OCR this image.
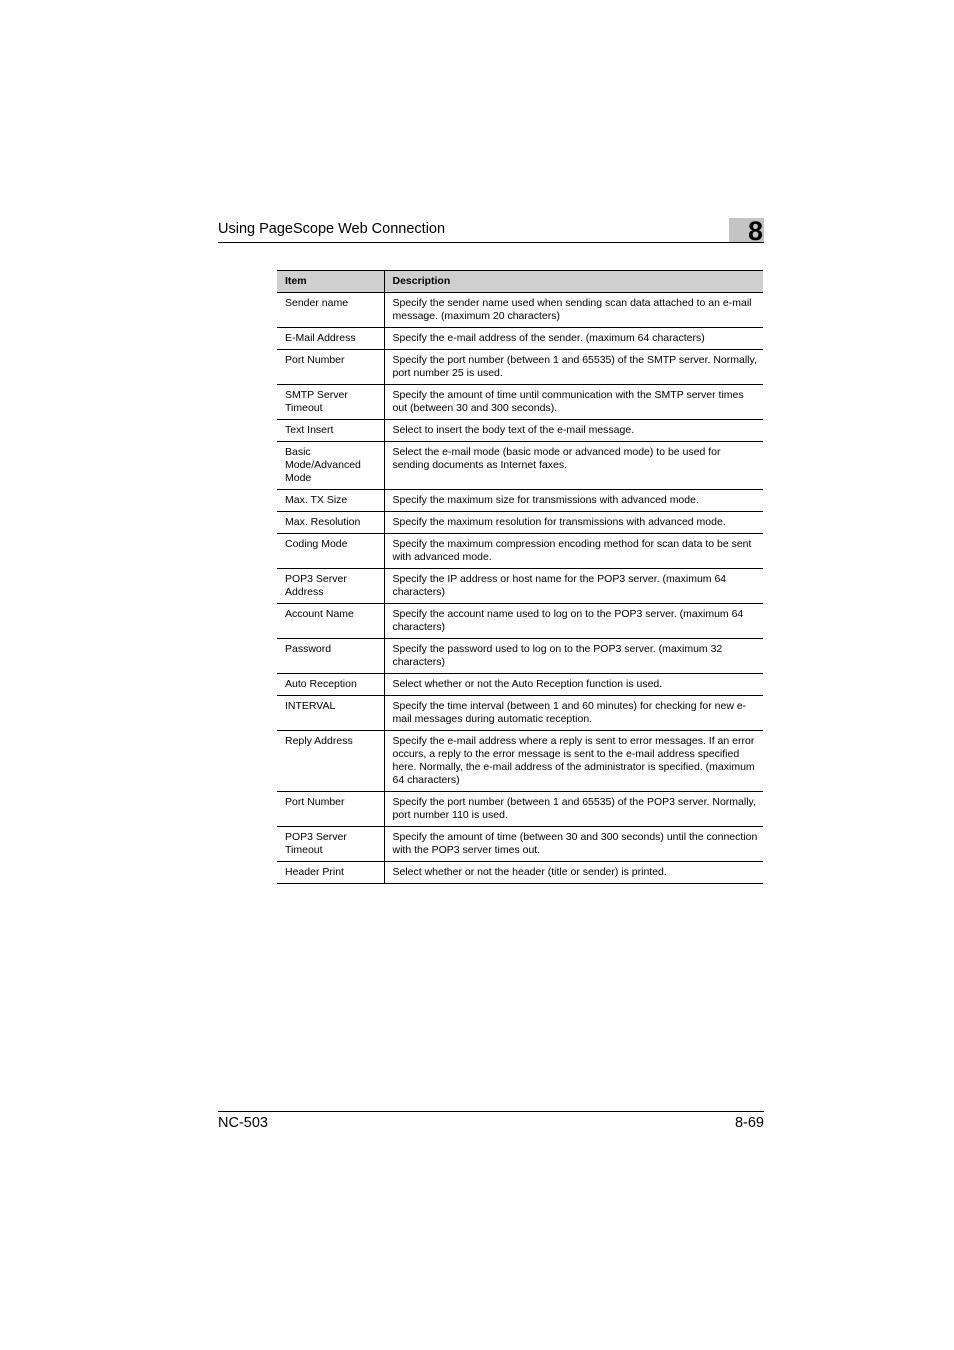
Using PageScope Web Connection	8
Item	Description
Sender name	Specify the sender name used when sending scan data attached to an e-mail message. (maximum 20 characters)
E-Mail Address	Specify the e-mail address of the sender. (maximum 64 characters)
Port Number	Specify the port number (between 1 and 65535) of the SMTP server. Normally, port number 25 is used.
SMTP Server Timeout	Specify the amount of time until communication with the SMTP server times out (between 30 and 300 seconds).
Text Insert	Select to insert the body text of the e-mail message.
Basic Mode/Advanced Mode	Select the e-mail mode (basic mode or advanced mode) to be used for sending documents as Internet faxes.
Max. TX Size	Specify the maximum size for transmissions with advanced mode.
Max. Resolution	Specify the maximum resolution for transmissions with advanced mode.
Coding Mode	Specify the maximum compression encoding method for scan data to be sent with advanced mode.
POP3 Server Address	Specify the IP address or host name for the POP3 server. (maximum 64 characters)
Account Name	Specify the account name used to log on to the POP3 server. (maximum 64 characters)
Password	Specify the password used to log on to the POP3 server. (maximum 32 characters)
Auto Reception	Select whether or not the Auto Reception function is used.
INTERVAL	Specify the time interval (between 1 and 60 minutes) for checking for new e-mail messages during automatic reception.
Reply Address	Specify the e-mail address where a reply is sent to error messages. If an error occurs, a reply to the error message is sent to the e-mail address specified here. Normally, the e-mail address of the administrator is specified. (maximum 64 characters)
Port Number	Specify the port number (between 1 and 65535) of the POP3 server. Normally, port number 110 is used.
POP3 Server Timeout	Specify the amount of time (between 30 and 300 seconds) until the connection with the POP3 server times out.
Header Print	Select whether or not the header (title or sender) is printed.
NC-503	8-69
